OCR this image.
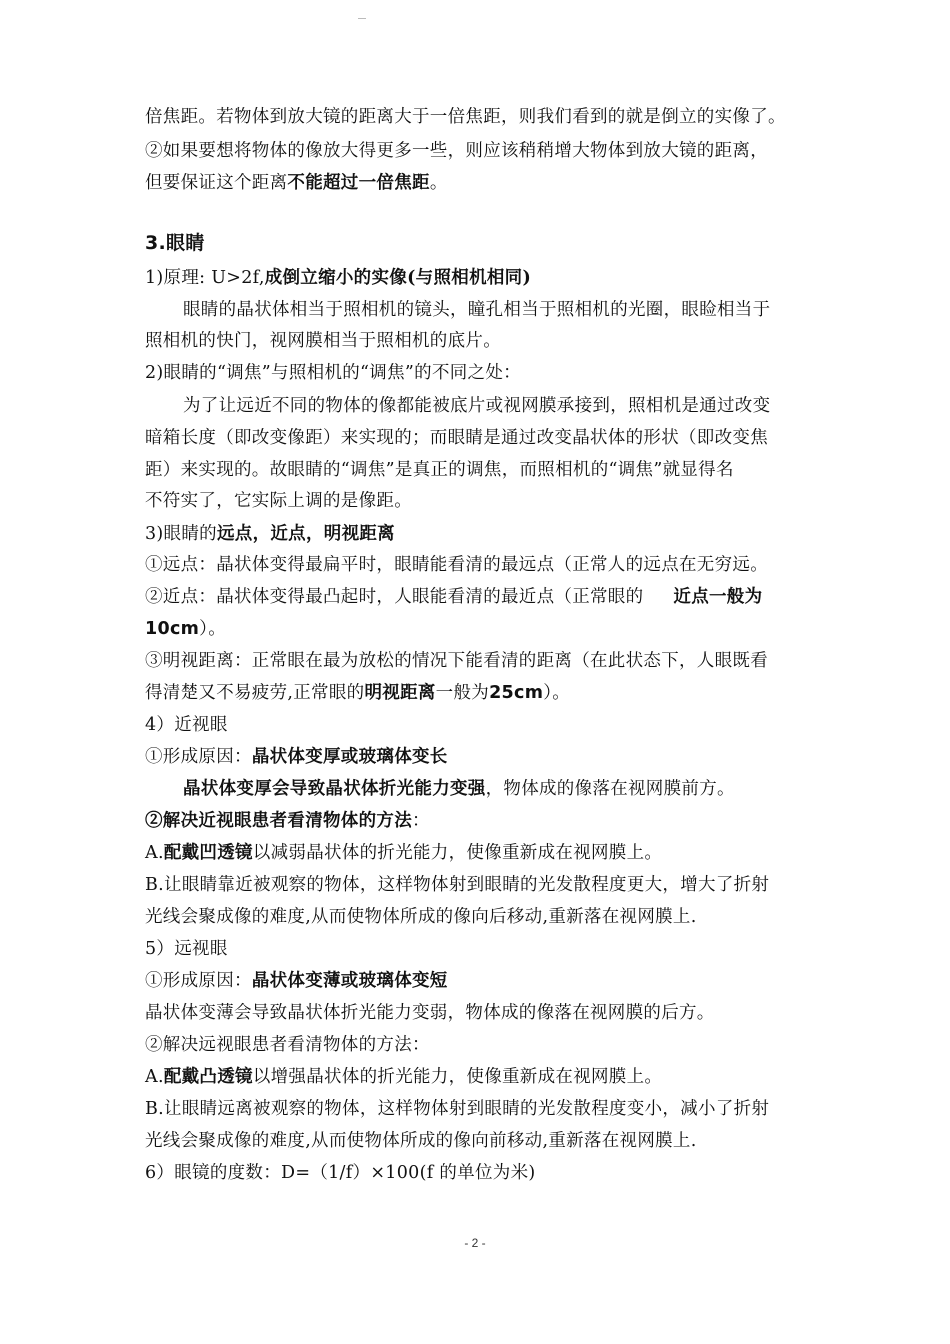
倍焦距。若物体到放大镜的距离大于一倍焦距，则我们看到的就是倒立的实像了。
②如果要想将物体的像放大得更多一些，则应该稍稍增大物体到放大镜的距离，
但要保证这个距离不能超过一倍焦距。
3.眼睛
1)原理: U>2f,成倒立缩小的实像(与照相机相同)
眼睛的晶状体相当于照相机的镜头，瞳孔相当于照相机的光圈，眼睑相当于
照相机的快门，视网膜相当于照相机的底片。
2)眼睛的“调焦”与照相机的“调焦”的不同之处：
为了让远近不同的物体的像都能被底片或视网膜承接到，照相机是通过改变
暗箱长度（即改变像距）来实现的；而眼睛是通过改变晶状体的形状（即改变焦
距）来实现的。故眼睛的“调焦”是真正的调焦，而照相机的“调焦”就显得名
不符实了，它实际上调的是像距。
3)眼睛的远点，近点，明视距离
①远点：晶状体变得最扁平时，眼睛能看清的最远点（正常人的远点在无穷远。
②近点：晶状体变得最凸起时，人眼能看清的最近点（正常眼的 近点一般为
10cm）。
③明视距离：正常眼在最为放松的情况下能看清的距离（在此状态下，人眼既看
得清楚又不易疲劳,正常眼的明视距离一般为25cm）。
4）近视眼
①形成原因：晶状体变厚或玻璃体变长
晶状体变厚会导致晶状体折光能力变强，物体成的像落在视网膜前方。
②解决近视眼患者看清物体的方法：
A.配戴凹透镜以减弱晶状体的折光能力，使像重新成在视网膜上。
B.让眼睛靠近被观察的物体，这样物体射到眼睛的光发散程度更大，增大了折射
光线会聚成像的难度,从而使物体所成的像向后移动,重新落在视网膜上.
5）远视眼
①形成原因：晶状体变薄或玻璃体变短
晶状体变薄会导致晶状体折光能力变弱，物体成的像落在视网膜的后方。
②解决远视眼患者看清物体的方法：
A.配戴凸透镜以增强晶状体的折光能力，使像重新成在视网膜上。
B.让眼睛远离被观察的物体，这样物体射到眼睛的光发散程度变小，减小了折射
光线会聚成像的难度,从而使物体所成的像向前移动,重新落在视网膜上.
6）眼镜的度数：D=（1/f）×100(f 的单位为米)
- 2 -
